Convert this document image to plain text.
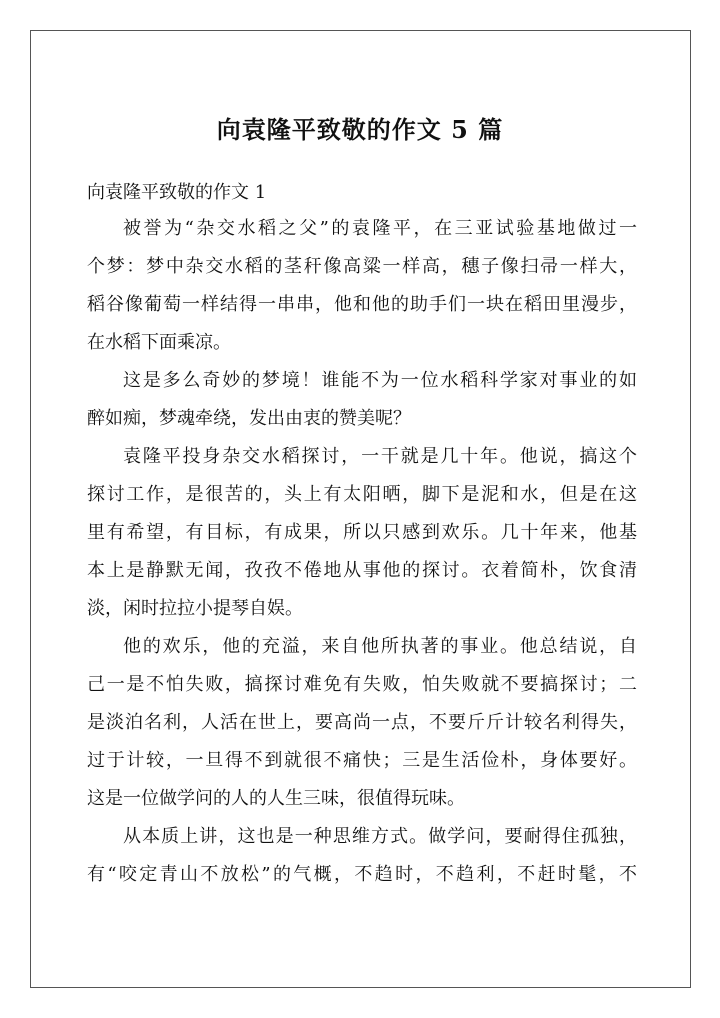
向袁隆平致敬的作文 5 篇
向袁隆平致敬的作文 1
被誉为“杂交水稻之父”的袁隆平，在三亚试验基地做过一
个梦：梦中杂交水稻的茎秆像高粱一样高，穗子像扫帚一样大，
稻谷像葡萄一样结得一串串，他和他的助手们一块在稻田里漫步，
在水稻下面乘凉。
这是多么奇妙的梦境！谁能不为一位水稻科学家对事业的如
醉如痴，梦魂牵绕，发出由衷的赞美呢？
袁隆平投身杂交水稻探讨，一干就是几十年。他说，搞这个
探讨工作，是很苦的，头上有太阳晒，脚下是泥和水，但是在这
里有希望，有目标，有成果，所以只感到欢乐。几十年来，他基
本上是静默无闻，孜孜不倦地从事他的探讨。衣着简朴，饮食清
淡，闲时拉拉小提琴自娱。
他的欢乐，他的充溢，来自他所执著的事业。他总结说，自
己一是不怕失败，搞探讨难免有失败，怕失败就不要搞探讨；二
是淡泊名利，人活在世上，要高尚一点，不要斤斤计较名利得失，
过于计较，一旦得不到就很不痛快；三是生活俭朴，身体要好。
这是一位做学问的人的人生三味，很值得玩味。
从本质上讲，这也是一种思维方式。做学问，要耐得住孤独，
有“咬定青山不放松”的气概，不趋时，不趋利，不赶时髦，不
